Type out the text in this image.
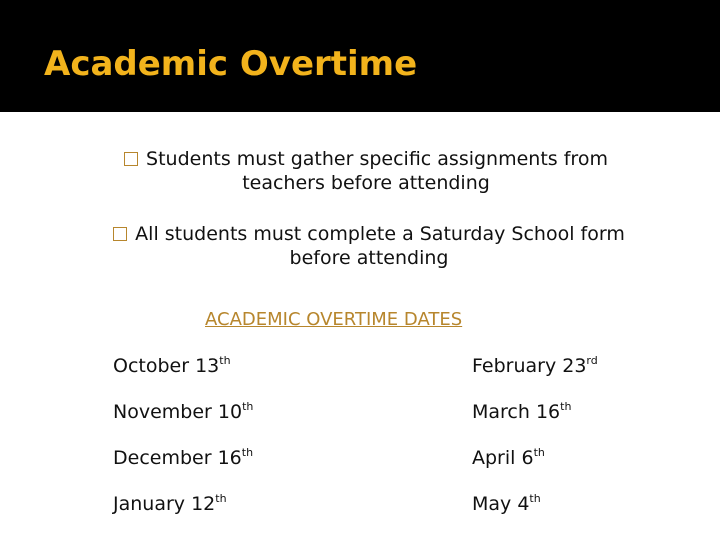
Academic Overtime
Students must gather specific assignments from
teachers before attending
All students must complete a Saturday School form
before attending
ACADEMIC OVERTIME DATES
October 13th	February 23rd
November 10th	March 16th
December 16th	April 6th
January 12th	May 4th
